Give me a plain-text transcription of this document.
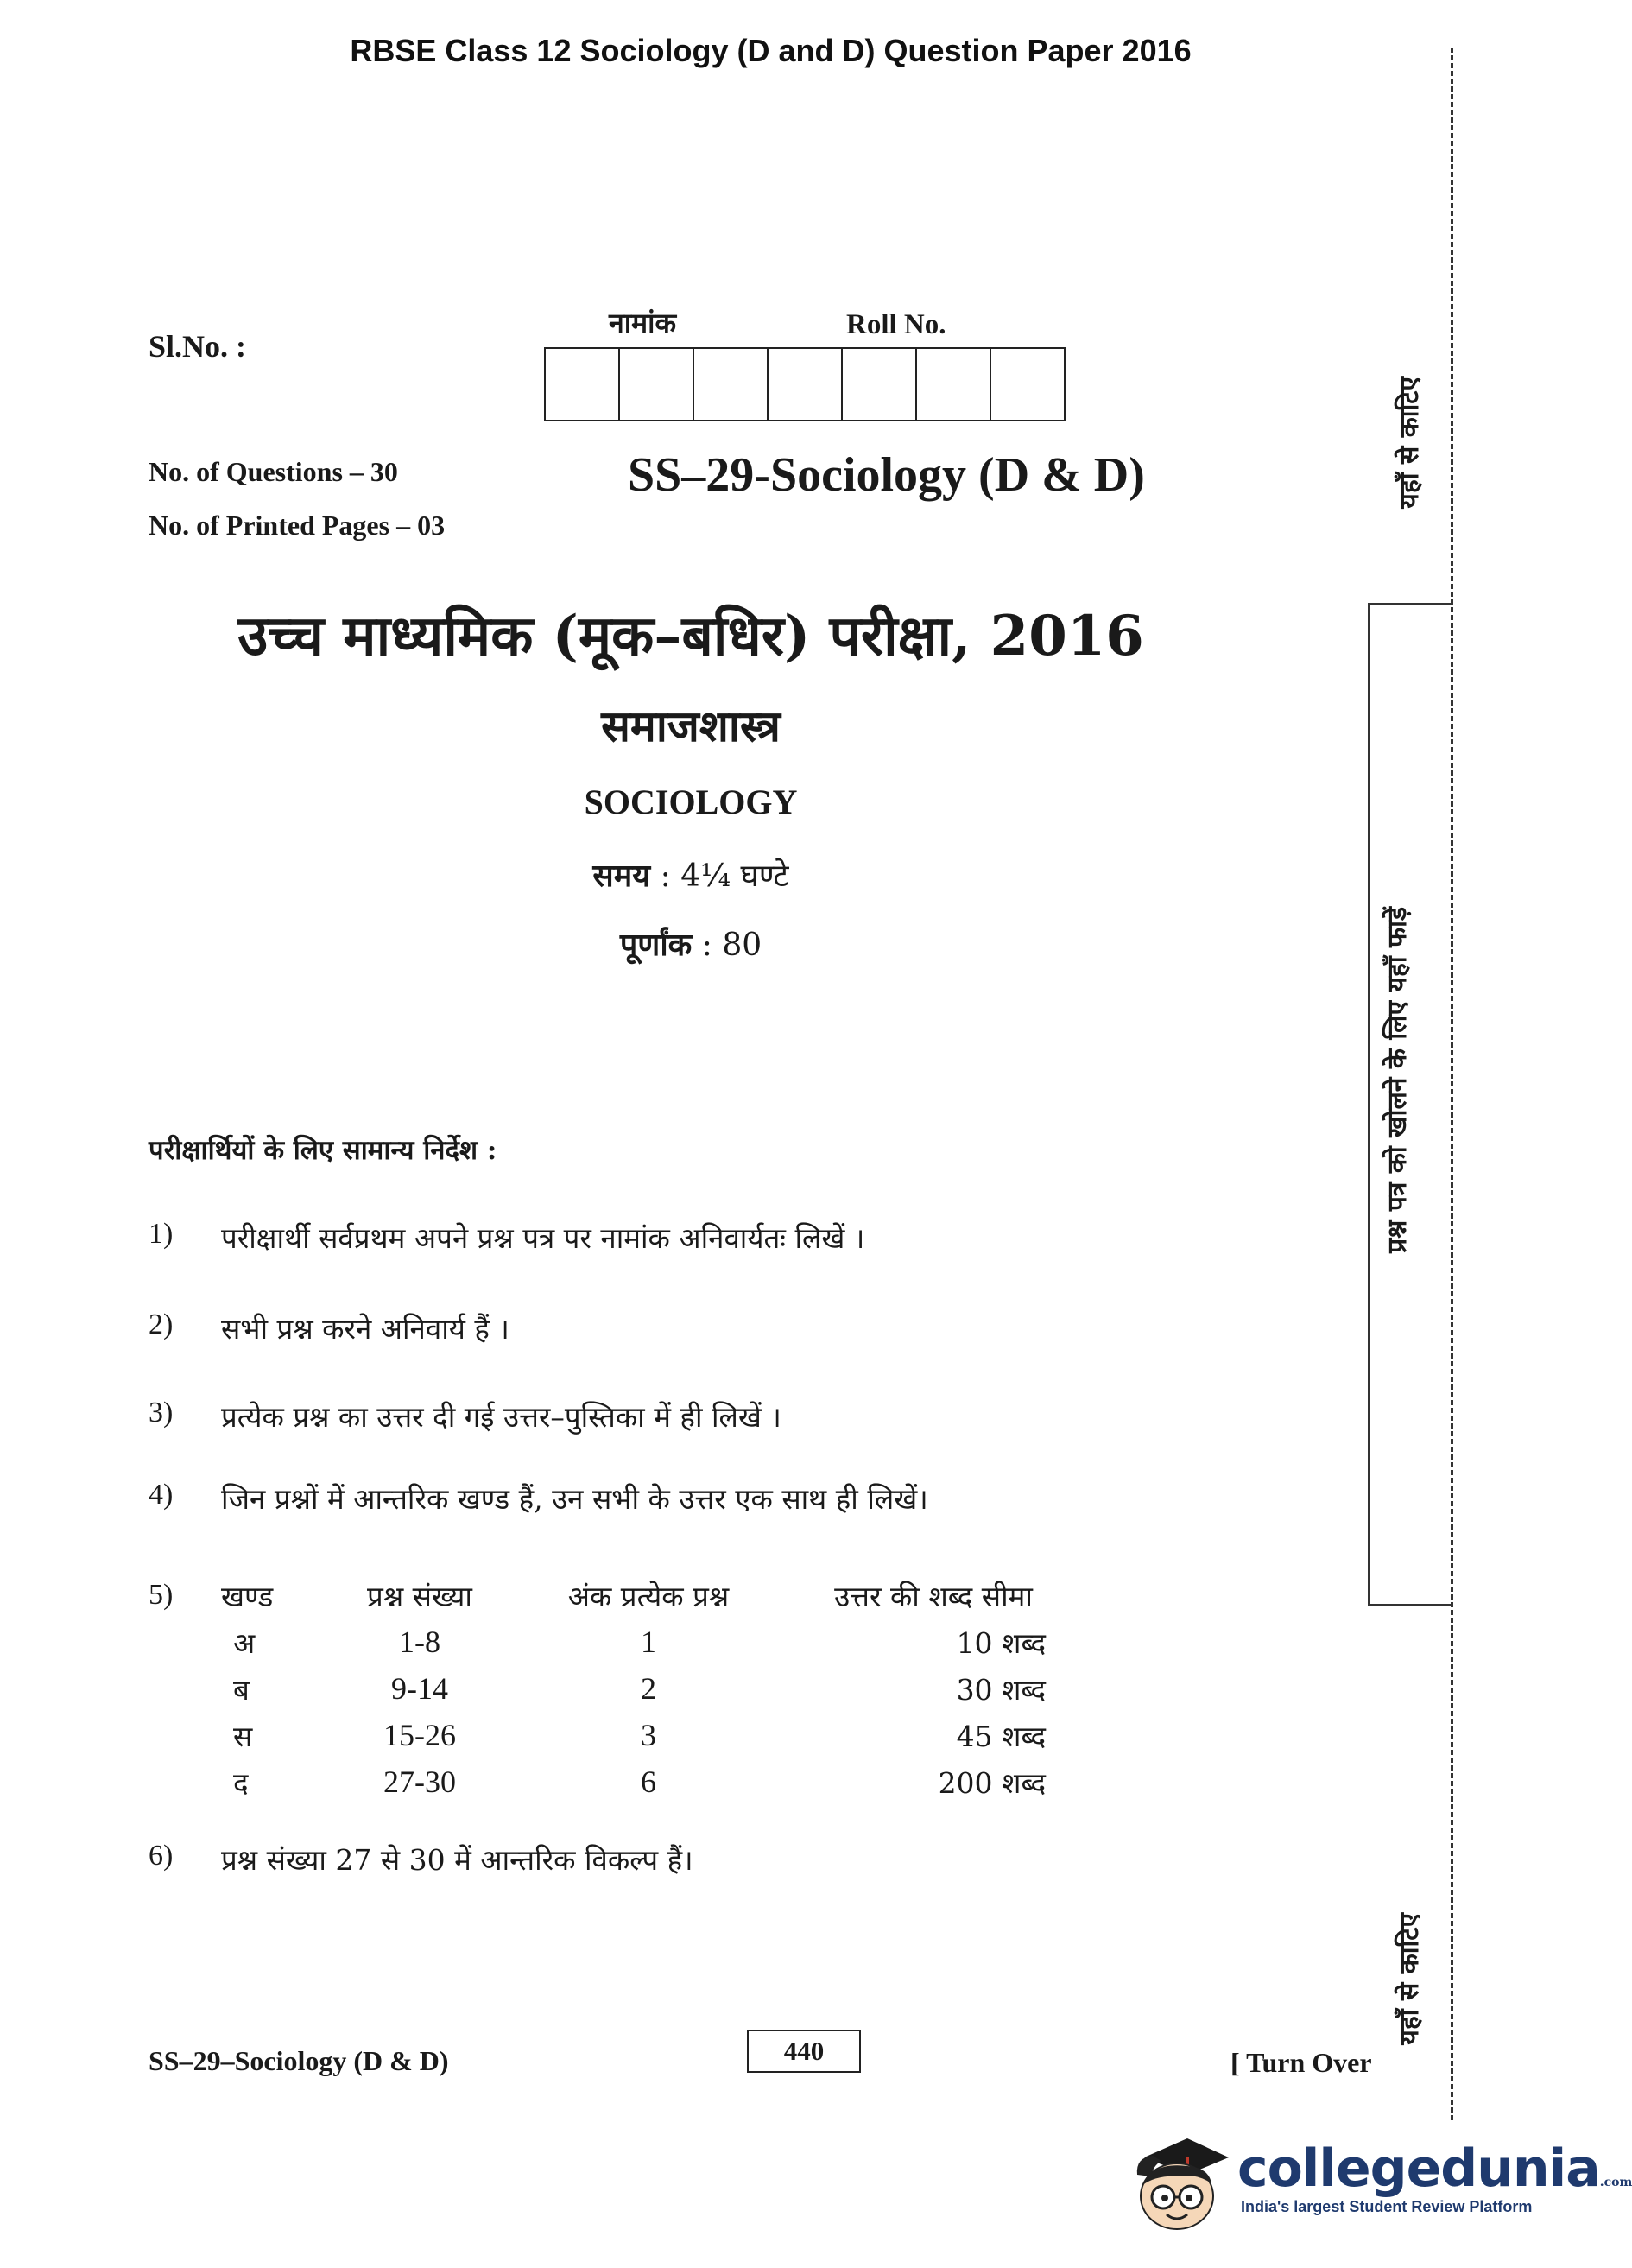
RBSE Class 12 Sociology (D and D) Question Paper 2016
Sl.No. :
नामांक	Roll No.
No. of Questions – 30
No. of Printed Pages – 03
SS–29-Sociology (D & D)
उच्च माध्यमिक (मूक–बधिर) परीक्षा, 2016
समाजशास्त्र
SOCIOLOGY
समय : 4¼ घण्टे
पूर्णांक : 80
परीक्षार्थियों के लिए सामान्य निर्देश :
1)	परीक्षार्थी सर्वप्रथम अपने प्रश्न पत्र पर नामांक अनिवार्यतः लिखें ।
2)	सभी प्रश्न करने अनिवार्य हैं ।
3)	प्रत्येक प्रश्न का उत्तर दी गई उत्तर–पुस्तिका में ही लिखें ।
4)	जिन प्रश्नों में आन्तरिक खण्ड हैं, उन सभी के उत्तर एक साथ ही लिखें।
5)	खण्ड	प्रश्न संख्या	अंक प्रत्येक प्रश्न	उत्तर की शब्द सीमा
अ	1-8	1	10 शब्द
ब	9-14	2	30 शब्द
स	15-26	3	45 शब्द
द	27-30	6	200 शब्द
6)	प्रश्न संख्या 27 से 30 में आन्तरिक विकल्प हैं।
SS–29–Sociology (D & D)	440	[ Turn Over
यहाँ से काटिए
प्रश्न पत्र को खोलने के लिए यहाँ फाड़ें
यहाँ से काटिए
collegedunia.com
India's largest Student Review Platform
